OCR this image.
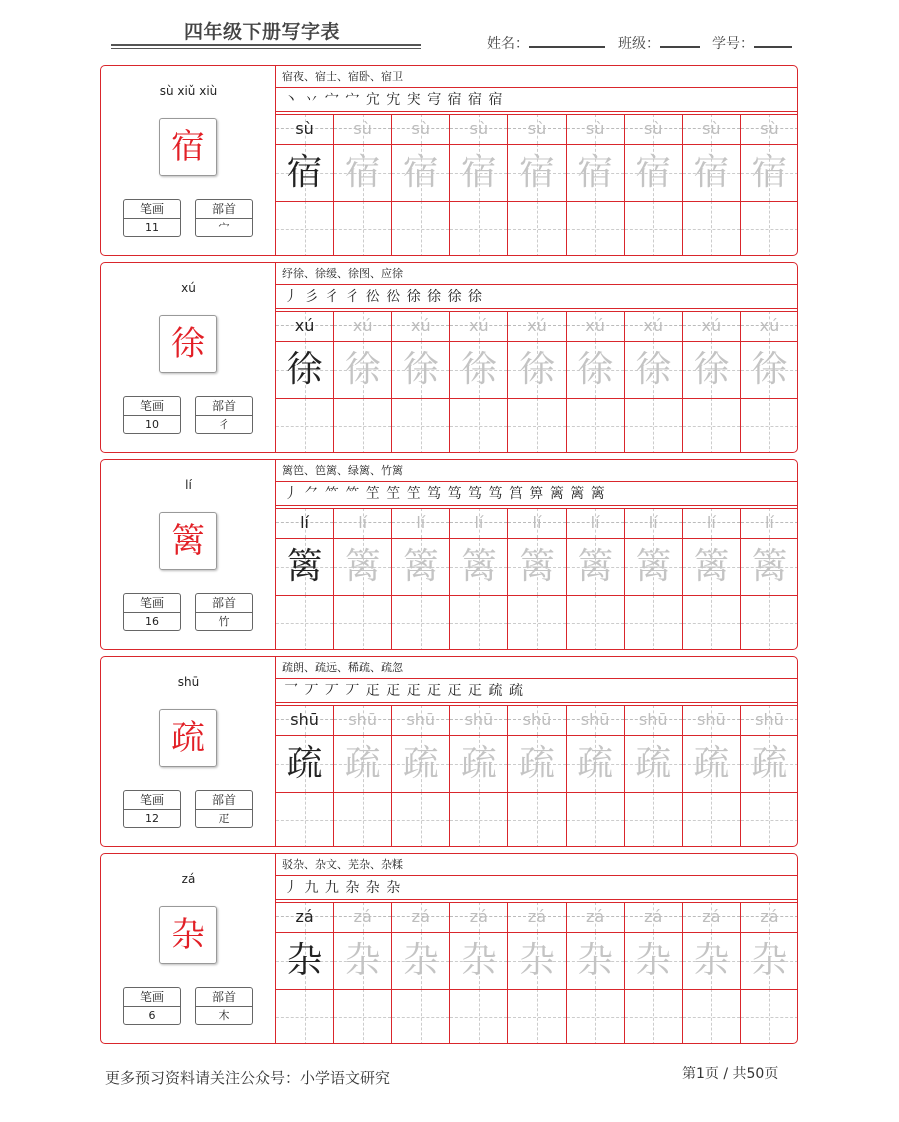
四年级下册写字表
姓名：	班级：	学号：
sù xiǔ xiù
宿
笔画
11
部首
宀
宿夜、宿士、宿卧、宿卫
丶 丷 宀 宀 宂 宄 宊 宆 宿 宿 宿
sù
宿
sù
宿
sù
宿
sù
宿
sù
宿
sù
宿
sù
宿
sù
宿
sù
宿
xú
徐
笔画
10
部首
彳
纾徐、徐缓、徐图、应徐
丿 彡 彳 彳 彸 彸 徐 徐 徐 徐
xú
徐
xú
徐
xú
徐
xú
徐
xú
徐
xú
徐
xú
徐
xú
徐
xú
徐
lí
篱
笔画
16
部首
竹
篱笆、笆篱、绿篱、竹篱
丿 ⺈ ⺮ ⺮ 笁 笁 笁 笃 笃 笃 笃 筥 箅 篱 篱 篱
lí
篱
lí
篱
lí
篱
lí
篱
lí
篱
lí
篱
lí
篱
lí
篱
lí
篱
shū
疏
笔画
12
部首
疋
疏朗、疏远、稀疏、疏忽
乛 丆 丆 丆 𤴓 𤴓 𤴓 𤴓 𤴓 𤴓 疏 疏
shū
疏
shū
疏
shū
疏
shū
疏
shū
疏
shū
疏
shū
疏
shū
疏
shū
疏
zá
杂
笔画
6
部首
木
驳杂、杂文、芜杂、杂糅
丿 九 九 杂 杂 杂
zá
杂
zá
杂
zá
杂
zá
杂
zá
杂
zá
杂
zá
杂
zá
杂
zá
杂
更多预习资料请关注公众号：小学语文研究	第1页 / 共50页
